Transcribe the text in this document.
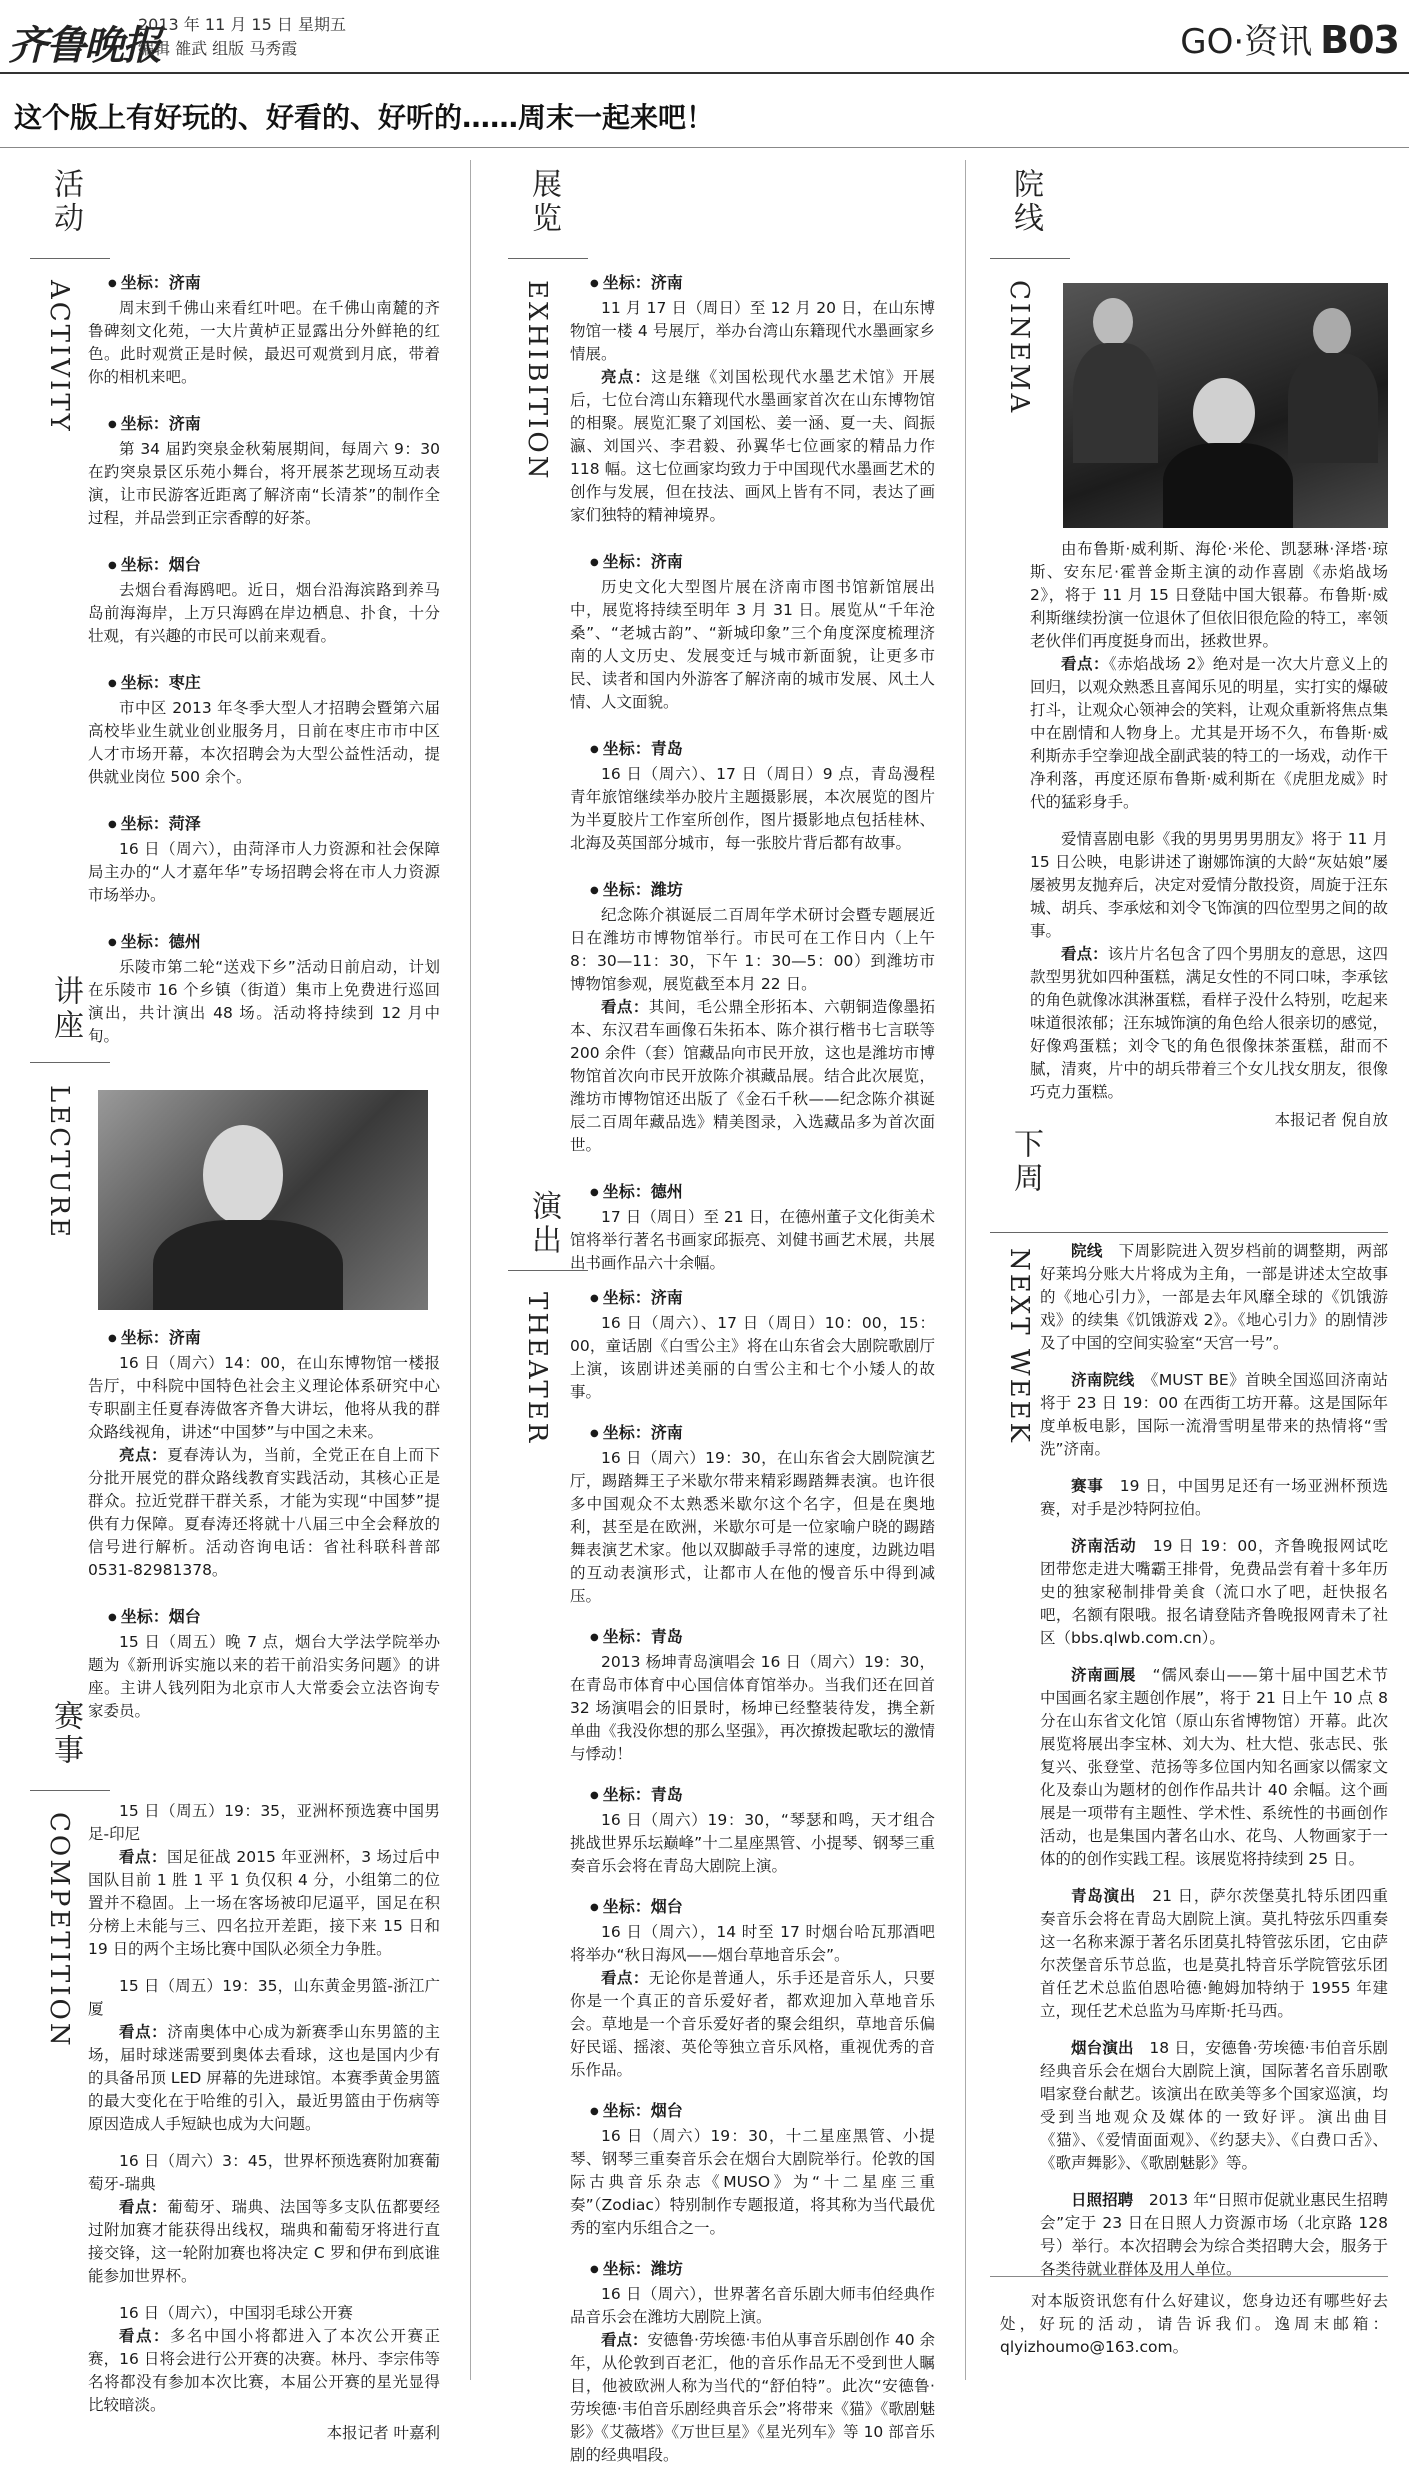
齐鲁晚报
2013 年 11 月 15 日 星期五
编辑 雒武 组版 马秀霞	GO·资讯 B03
这个版上有好玩的、好看的、好听的……周末一起来吧！
活动
ACTIVITY	● 坐标：济南

周末到千佛山来看红叶吧。在千佛山南麓的齐鲁碑刻文化苑，一大片黄栌正显露出分外鲜艳的红色。此时观赏正是时候，最迟可观赏到月底，带着你的相机来吧。

● 坐标：济南

第 34 届趵突泉金秋菊展期间，每周六 9：30 在趵突泉景区乐苑小舞台，将开展茶艺现场互动表演，让市民游客近距离了解济南“长清茶”的制作全过程，并品尝到正宗香醇的好茶。

● 坐标：烟台

去烟台看海鸥吧。近日，烟台沿海滨路到养马岛前海海岸，上万只海鸥在岸边栖息、扑食，十分壮观，有兴趣的市民可以前来观看。

● 坐标：枣庄

市中区 2013 年冬季大型人才招聘会暨第六届高校毕业生就业创业服务月，日前在枣庄市市中区人才市场开幕，本次招聘会为大型公益性活动，提供就业岗位 500 余个。

● 坐标：菏泽

16 日（周六），由菏泽市人力资源和社会保障局主办的“人才嘉年华”专场招聘会将在市人力资源市场举办。

● 坐标：德州

乐陵市第二轮“送戏下乡”活动日前启动，计划在乐陵市 16 个乡镇（街道）集市上免费进行巡回演出，共计演出 48 场。活动将持续到 12 月中旬。

讲座
LECTURE
● 坐标：济南

16 日（周六）14：00，在山东博物馆一楼报告厅，中科院中国特色社会主义理论体系研究中心专职副主任夏春涛做客齐鲁大讲坛，他将从我的群众路线视角，讲述“中国梦”与中国之未来。

亮点：夏春涛认为，当前，全党正在自上而下分批开展党的群众路线教育实践活动，其核心正是群众。拉近党群干群关系，才能为实现“中国梦”提供有力保障。夏春涛还将就十八届三中全会释放的信号进行解析。活动咨询电话：省社科联科普部 0531-82981378。

● 坐标：烟台

15 日（周五）晚 7 点，烟台大学法学院举办题为《新刑诉实施以来的若干前沿实务问题》的讲座。主讲人钱列阳为北京市人大常委会立法咨询专家委员。

赛事
COMPETITION

15 日（周五）19：35，亚洲杯预选赛中国男足-印尼

看点：国足征战 2015 年亚洲杯，3 场过后中国队目前 1 胜 1 平 1 负仅积 4 分，小组第二的位置并不稳固。上一场在客场被印尼逼平，国足在积分榜上未能与三、四名拉开差距，接下来 15 日和 19 日的两个主场比赛中国队必须全力争胜。

15 日（周五）19：35，山东黄金男篮-浙江广厦

看点：济南奥体中心成为新赛季山东男篮的主场，届时球迷需要到奥体去看球，这也是国内少有的具备吊顶 LED 屏幕的先进球馆。本赛季黄金男篮的最大变化在于哈维的引入，最近男篮由于伤病等原因造成人手短缺也成为大问题。

16 日（周六）3：45，世界杯预选赛附加赛葡萄牙-瑞典

看点：葡萄牙、瑞典、法国等多支队伍都要经过附加赛才能获得出线权，瑞典和葡萄牙将进行直接交锋，这一轮附加赛也将决定 C 罗和伊布到底谁能参加世界杯。

16 日（周六），中国羽毛球公开赛

看点：多名中国小将都进入了本次公开赛正赛，16 日将会进行公开赛的决赛。林丹、李宗伟等名将都没有参加本次比赛，本届公开赛的星光显得比较暗淡。

本报记者 叶嘉利
展览
EXHIBITION	● 坐标：济南

11 月 17 日（周日）至 12 月 20 日，在山东博物馆一楼 4 号展厅，举办台湾山东籍现代水墨画家乡情展。

亮点：这是继《刘国松现代水墨艺术馆》开展后，七位台湾山东籍现代水墨画家首次在山东博物馆的相聚。展览汇聚了刘国松、姜一涵、夏一夫、阎振瀛、刘国兴、李君毅、孙翼华七位画家的精品力作 118 幅。这七位画家均致力于中国现代水墨画艺术的创作与发展，但在技法、画风上皆有不同，表达了画家们独特的精神境界。

● 坐标：济南

历史文化大型图片展在济南市图书馆新馆展出中，展览将持续至明年 3 月 31 日。展览从“千年沧桑”、“老城古韵”、“新城印象”三个角度深度梳理济南的人文历史、发展变迁与城市新面貌，让更多市民、读者和国内外游客了解济南的城市发展、风土人情、人文面貌。

● 坐标：青岛

16 日（周六）、17 日（周日）9 点，青岛漫程青年旅馆继续举办胶片主题摄影展，本次展览的图片为半夏胶片工作室所创作，图片摄影地点包括桂林、北海及英国部分城市，每一张胶片背后都有故事。

● 坐标：潍坊

纪念陈介祺诞辰二百周年学术研讨会暨专题展近日在潍坊市博物馆举行。市民可在工作日内（上午 8：30—11：30，下午 1：30—5：00）到潍坊市博物馆参观，展览截至本月 22 日。

看点：其间，毛公鼎全形拓本、六朝铜造像墨拓本、东汉君车画像石朱拓本、陈介祺行楷书七言联等 200 余件（套）馆藏品向市民开放，这也是潍坊市博物馆首次向市民开放陈介祺藏品展。结合此次展览，潍坊市博物馆还出版了《金石千秋——纪念陈介祺诞辰二百周年藏品选》精美图录，入选藏品多为首次面世。

● 坐标：德州

17 日（周日）至 21 日，在德州董子文化街美术馆将举行著名书画家邱振亮、刘健书画艺术展，共展出书画作品六十余幅。

演出
THEATER	● 坐标：济南

16 日（周六）、17 日（周日）10：00，15：00，童话剧《白雪公主》将在山东省会大剧院歌剧厅上演，该剧讲述美丽的白雪公主和七个小矮人的故事。

● 坐标：济南

16 日（周六）19：30，在山东省会大剧院演艺厅，踢踏舞王子米歇尔带来精彩踢踏舞表演。也许很多中国观众不太熟悉米歇尔这个名字，但是在奥地利，甚至是在欧洲，米歇尔可是一位家喻户晓的踢踏舞表演艺术家。他以双脚敲手寻常的速度，边跳边唱的互动表演形式，让都市人在他的慢音乐中得到减压。

● 坐标：青岛

2013 杨坤青岛演唱会 16 日（周六）19：30，在青岛市体育中心国信体育馆举办。当我们还在回首 32 场演唱会的旧景时，杨坤已经整装待发，携全新单曲《我没你想的那么坚强》，再次撩拨起歌坛的激情与悸动！

● 坐标：青岛

16 日（周六）19：30，“琴瑟和鸣，天才组合挑战世界乐坛巅峰”十二星座黑管、小提琴、钢琴三重奏音乐会将在青岛大剧院上演。

● 坐标：烟台

16 日（周六），14 时至 17 时烟台哈瓦那酒吧将举办“秋日海风——烟台草地音乐会”。

看点：无论你是普通人，乐手还是音乐人，只要你是一个真正的音乐爱好者，都欢迎加入草地音乐会。草地是一个音乐爱好者的聚会组织，草地音乐偏好民谣、摇滚、英伦等独立音乐风格，重视优秀的音乐作品。

● 坐标：烟台

16 日（周六）19：30，十二星座黑管、小提琴、钢琴三重奏音乐会在烟台大剧院举行。伦敦的国际古典音乐杂志《MUSO》为“十二星座三重奏”（Zodiac）特别制作专题报道，将其称为当代最优秀的室内乐组合之一。

● 坐标：潍坊

16 日（周六），世界著名音乐剧大师韦伯经典作品音乐会在潍坊大剧院上演。

看点：安德鲁·劳埃德·韦伯从事音乐剧创作 40 余年，从伦敦到百老汇，他的音乐作品无不受到世人瞩目，他被欧洲人称为当代的“舒伯特”。此次“安德鲁·劳埃德·韦伯音乐剧经典音乐会”将带来《猫》《歌剧魅影》《艾薇塔》《万世巨星》《星光列车》等 10 部音乐剧的经典唱段。

院线
CINEMA

由布鲁斯·威利斯、海伦·米伦、凯瑟琳·泽塔·琼斯、安东尼·霍普金斯主演的动作喜剧《赤焰战场 2》，将于 11 月 15 日登陆中国大银幕。布鲁斯·威利斯继续扮演一位退休了但依旧很危险的特工，率领老伙伴们再度挺身而出，拯救世界。

看点：《赤焰战场 2》绝对是一次大片意义上的回归，以观众熟悉且喜闻乐见的明星，实打实的爆破打斗，让观众心领神会的笑料，让观众重新将焦点集中在剧情和人物身上。尤其是开场不久，布鲁斯·威利斯赤手空拳迎战全副武装的特工的一场戏，动作干净利落，再度还原布鲁斯·威利斯在《虎胆龙威》时代的猛彩身手。

爱情喜剧电影《我的男男男男朋友》将于 11 月 15 日公映，电影讲述了谢娜饰演的大龄“灰姑娘”屡屡被男友抛弃后，决定对爱情分散投资，周旋于汪东城、胡兵、李承炫和刘令飞饰演的四位型男之间的故事。

看点：该片片名包含了四个男朋友的意思，这四款型男犹如四种蛋糕，满足女性的不同口味，李承铉的角色就像冰淇淋蛋糕，看样子没什么特别，吃起来味道很浓郁；汪东城饰演的角色给人很亲切的感觉，好像鸡蛋糕；刘令飞的角色很像抹茶蛋糕，甜而不腻，清爽，片中的胡兵带着三个女儿找女朋友，很像巧克力蛋糕。

本报记者 倪自放
下周
NEXT WEEK	院线　 下周影院进入贺岁档前的调整期，两部好莱坞分账大片将成为主角，一部是讲述太空故事的《地心引力》，一部是去年风靡全球的《饥饿游戏》的续集《饥饿游戏 2》。《地心引力》的剧情涉及了中国的空间实验室“天宫一号”。

济南院线　 《MUST BE》首映全国巡回济南站将于 23 日 19：00 在西街工坊开幕。这是国际年度单板电影，国际一流滑雪明星带来的热情将“雪洗”济南。

赛事　 19 日，中国男足还有一场亚洲杯预选赛，对手是沙特阿拉伯。

济南活动　 19 日 19：00，齐鲁晚报网试吃团带您走进大嘴霸王排骨，免费品尝有着十多年历史的独家秘制排骨美食（流口水了吧，赶快报名吧，名额有限哦。报名请登陆齐鲁晚报网青未了社区（bbs.qlwb.com.cn）。

济南画展　 “儒风泰山——第十届中国艺术节中国画名家主题创作展”，将于 21 日上午 10 点 8 分在山东省文化馆（原山东省博物馆）开幕。此次展览将展出李宝林、刘大为、杜大恺、张志民、张复兴、张登堂、范扬等多位国内知名画家以儒家文化及泰山为题材的创作作品共计 40 余幅。这个画展是一项带有主题性、学术性、系统性的书画创作活动，也是集国内著名山水、花鸟、人物画家于一体的的创作实践工程。该展览将持续到 25 日。

青岛演出　 21 日，萨尔茨堡莫扎特乐团四重奏音乐会将在青岛大剧院上演。莫扎特弦乐四重奏这一名称来源于著名乐团莫扎特管弦乐团，它由萨尔茨堡音乐节总监，也是莫扎特音乐学院管弦乐团首任艺术总监伯恩哈德·鲍姆加特纳于 1955 年建立，现任艺术总监为马库斯·托马西。

烟台演出　 18 日，安德鲁·劳埃德·韦伯音乐剧经典音乐会在烟台大剧院上演，国际著名音乐剧歌唱家登台献艺。该演出在欧美等多个国家巡演，均受到当地观众及媒体的一致好评。演出曲目《猫》、《爱情面面观》、《约瑟夫》、《白费口舌》、《歌声舞影》、《歌剧魅影》等。

日照招聘　 2013 年“日照市促就业惠民生招聘会”定于 23 日在日照人力资源市场（北京路 128 号）举行。本次招聘会为综合类招聘大会，服务于各类待就业群体及用人单位。

对本版资讯您有什么好建议，您身边还有哪些好去处，好玩的活动，请告诉我们。逸周末邮箱：qlyizhoumo@163.com。
